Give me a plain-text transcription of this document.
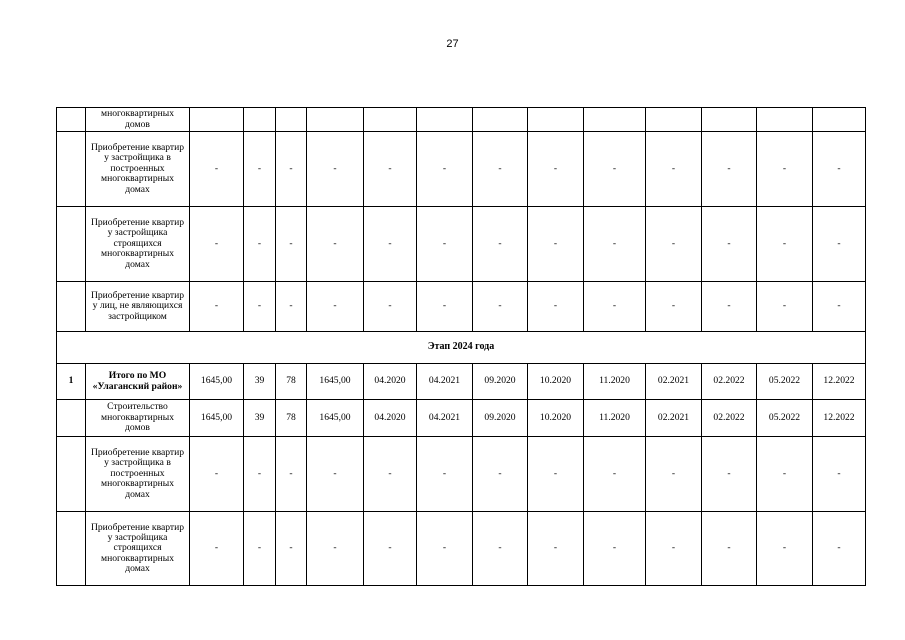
27
	многоквартирных домов													
	Приобретение квартир у застройщика в построенных многоквартирных домах	-	-	-	-	-	-	-	-	-	-	-	-	-
	Приобретение квартир у застройщика строящихся многоквартирных домах	-	-	-	-	-	-	-	-	-	-	-	-	-
	Приобретение квартир у лиц, не являющихся застройщиком	-	-	-	-	-	-	-	-	-	-	-	-	-
Этап 2024 года														
1	Итого по МО «Улаганский район»	1645,00	39	78	1645,00	04.2020	04.2021	09.2020	10.2020	11.2020	02.2021	02.2022	05.2022	12.2022
	Строительство многоквартирных домов	1645,00	39	78	1645,00	04.2020	04.2021	09.2020	10.2020	11.2020	02.2021	02.2022	05.2022	12.2022
	Приобретение квартир у застройщика в построенных многоквартирных домах	-	-	-	-	-	-	-	-	-	-	-	-	-
	Приобретение квартир у застройщика строящихся многоквартирных домах	-	-	-	-	-	-	-	-	-	-	-	-	-
